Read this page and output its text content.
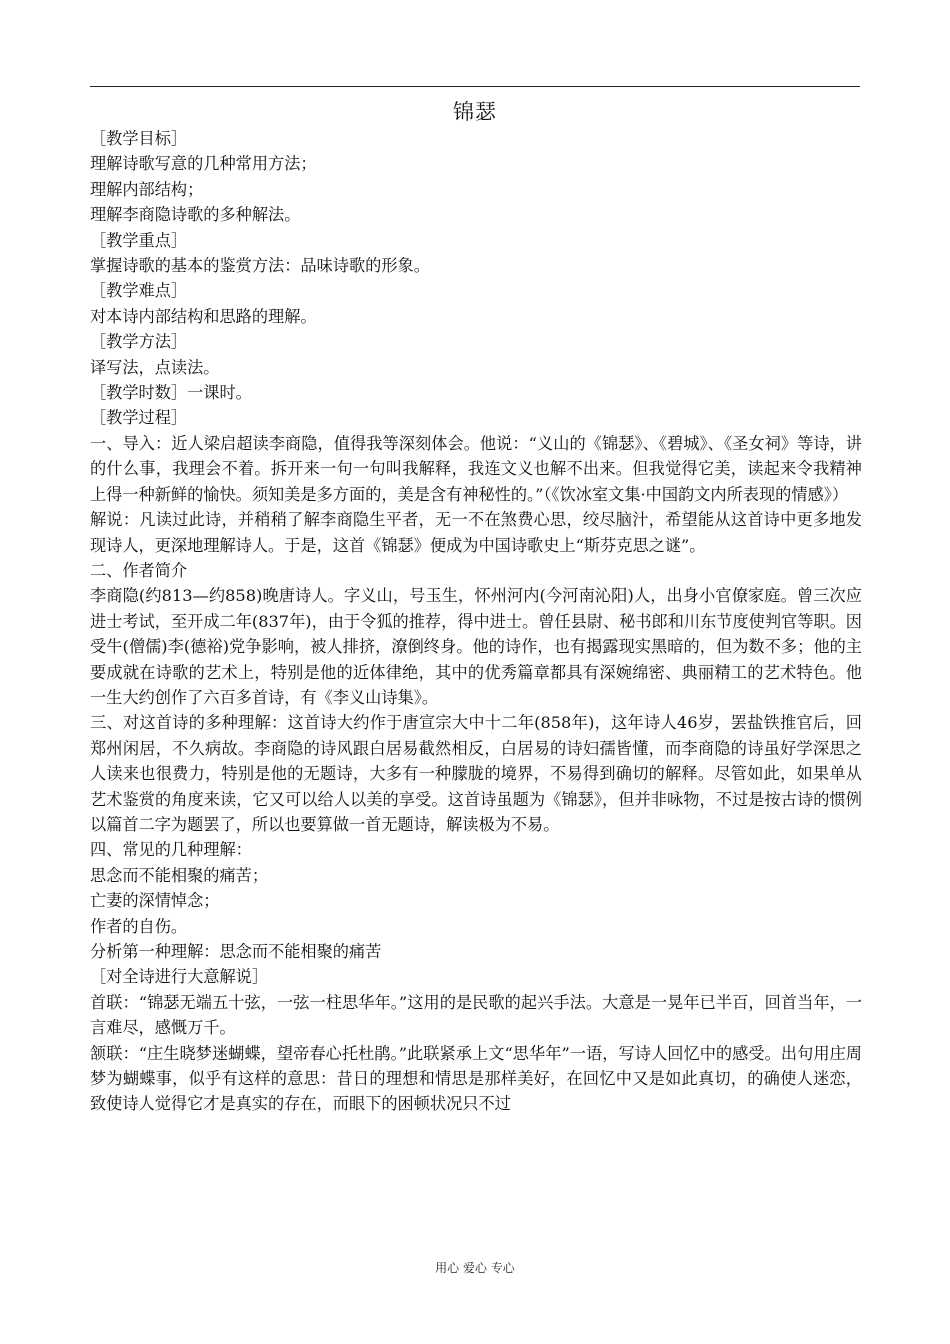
锦瑟

［教学目标］

理解诗歌写意的几种常用方法；

理解内部结构；

理解李商隐诗歌的多种解法。

［教学重点］

掌握诗歌的基本的鉴赏方法：品味诗歌的形象。

［教学难点］

对本诗内部结构和思路的理解。

［教学方法］

译写法，点读法。

［教学时数］一课时。

［教学过程］

一、导入：近人梁启超读李商隐，值得我等深刻体会。他说：“义山的《锦瑟》、《碧城》、《圣女祠》等诗，讲的什么事，我理会不着。拆开来一句一句叫我解释，我连文义也解不出来。但我觉得它美，读起来令我精神上得一种新鲜的愉快。须知美是多方面的，美是含有神秘性的。”（《饮冰室文集·中国韵文内所表现的情感》）

解说：凡读过此诗，并稍稍了解李商隐生平者，无一不在煞费心思，绞尽脑汁，希望能从这首诗中更多地发现诗人，更深地理解诗人。于是，这首《锦瑟》便成为中国诗歌史上“斯芬克思之谜”。

二、作者简介

李商隐(约813—约858)晚唐诗人。字义山，号玉生，怀州河内(今河南沁阳)人，出身小官僚家庭。曾三次应进士考试，至开成二年(837年)，由于令狐的推荐，得中进士。曾任县尉、秘书郎和川东节度使判官等职。因受牛(僧儒)李(德裕)党争影响，被人排挤，潦倒终身。他的诗作，也有揭露现实黑暗的，但为数不多；他的主要成就在诗歌的艺术上，特别是他的近体律绝，其中的优秀篇章都具有深婉绵密、典丽精工的艺术特色。他一生大约创作了六百多首诗，有《李义山诗集》。

三、对这首诗的多种理解：这首诗大约作于唐宣宗大中十二年(858年)，这年诗人46岁，罢盐铁推官后，回郑州闲居，不久病故。李商隐的诗风跟白居易截然相反，白居易的诗妇孺皆懂，而李商隐的诗虽好学深思之人读来也很费力，特别是他的无题诗，大多有一种朦胧的境界，不易得到确切的解释。尽管如此，如果单从艺术鉴赏的角度来读，它又可以给人以美的享受。这首诗虽题为《锦瑟》，但并非咏物，不过是按古诗的惯例以篇首二字为题罢了，所以也要算做一首无题诗，解读极为不易。

四、常见的几种理解：

思念而不能相聚的痛苦；

亡妻的深情悼念；

作者的自伤。

分析第一种理解：思念而不能相聚的痛苦

［对全诗进行大意解说］

首联：“锦瑟无端五十弦，一弦一柱思华年。”这用的是民歌的起兴手法。大意是一晃年已半百，回首当年，一言难尽，感慨万千。

颔联：“庄生晓梦迷蝴蝶，望帝春心托杜鹃。”此联紧承上文“思华年”一语，写诗人回忆中的感受。出句用庄周梦为蝴蝶事，似乎有这样的意思：昔日的理想和情思是那样美好，在回忆中又是如此真切，的确使人迷恋，致使诗人觉得它才是真实的存在，而眼下的困顿状况只不过

用心 爱心 专心
